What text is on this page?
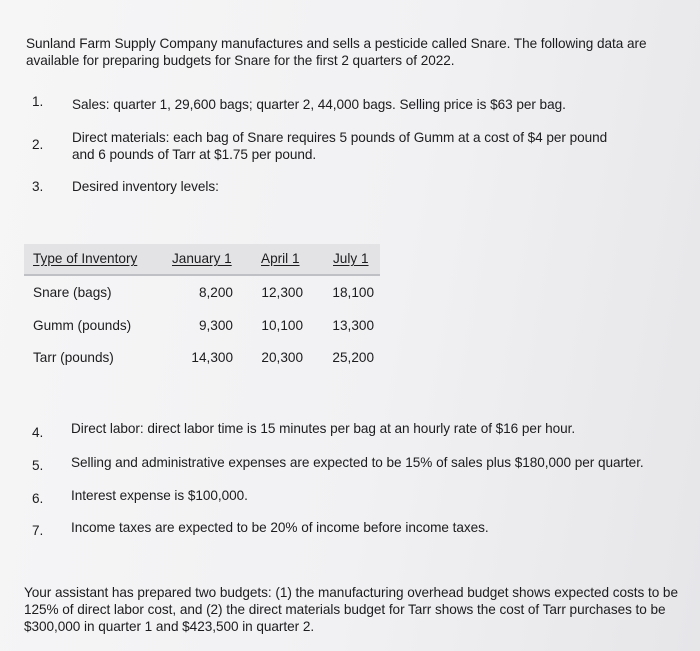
Sunland Farm Supply Company manufactures and sells a pesticide called Snare. The following data are
available for preparing budgets for Snare for the first 2 quarters of 2022.
1. Sales: quarter 1, 29,600 bags; quarter 2, 44,000 bags. Selling price is $63 per bag.
2. Direct materials: each bag of Snare requires 5 pounds of Gumm at a cost of $4 per pound
and 6 pounds of Tarr at $1.75 per pound.
3. Desired inventory levels:
Type of Inventory	January 1 April 1 July 1
Snare (bags)	8,200	12,300	18,100
Gumm (pounds)	9,300	10,100	13,300
Tarr (pounds)	14,300	20,300	25,200
4. Direct labor: direct labor time is 15 minutes per bag at an hourly rate of $16 per hour.
5. Selling and administrative expenses are expected to be 15% of sales plus $180,000 per quarter.
6. Interest expense is $100,000.
7. Income taxes are expected to be 20% of income before income taxes.
Your assistant has prepared two budgets: (1) the manufacturing overhead budget shows expected costs to be
125% of direct labor cost, and (2) the direct materials budget for Tarr shows the cost of Tarr purchases to be
$300,000 in quarter 1 and $423,500 in quarter 2.
